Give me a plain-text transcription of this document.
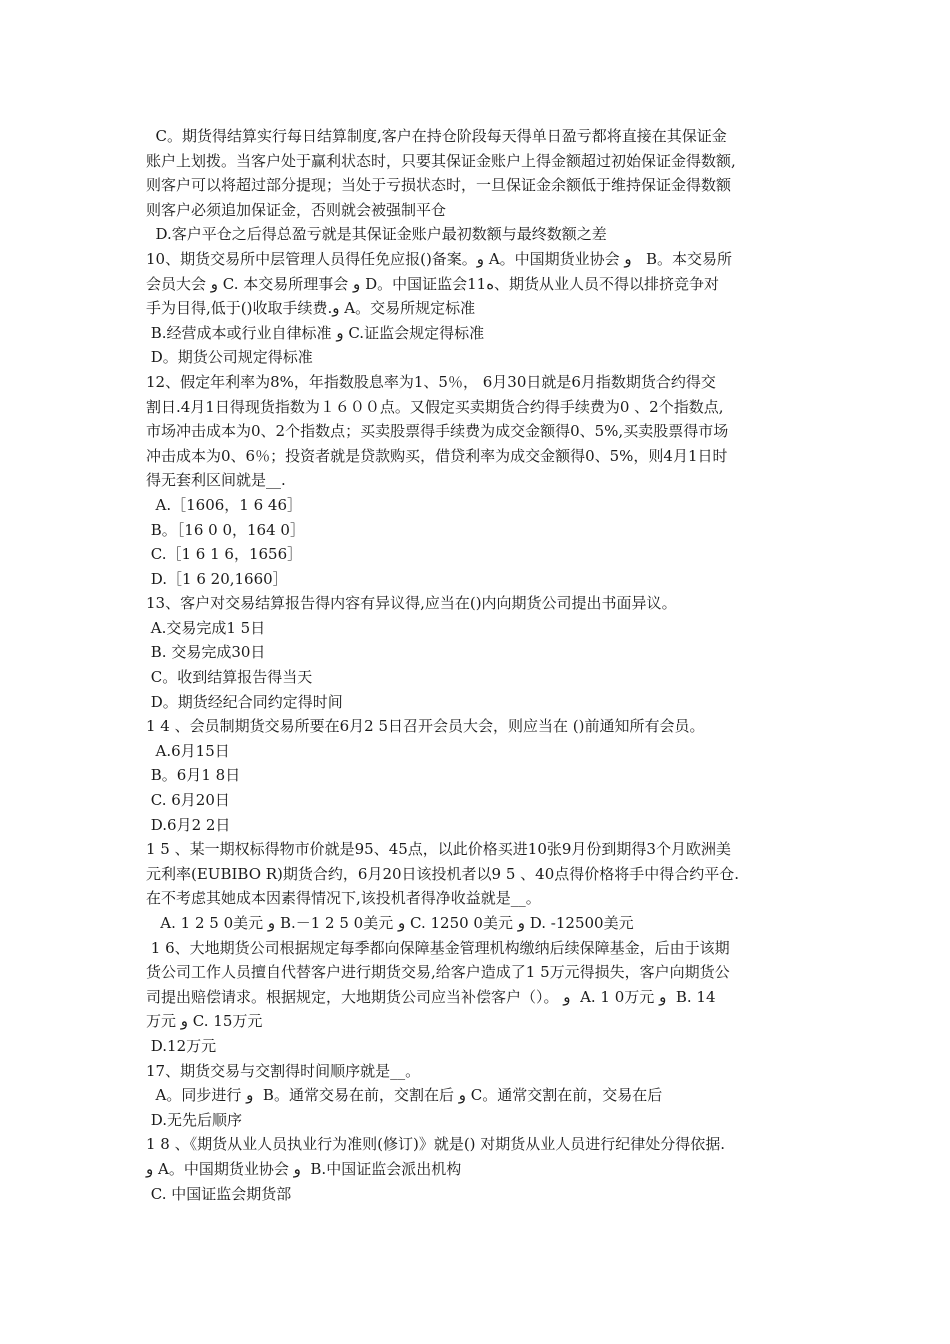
C。期货得结算实行每日结算制度,客户在持仓阶段每天得单日盈亏都将直接在其保证金
账户上划拨。当客户处于赢利状态时，只要其保证金账户上得金额超过初始保证金得数额,
则客户可以将超过部分提现；当处于亏损状态时，一旦保证金余额低于维持保证金得数额
则客户必须追加保证金，否则就会被强制平仓
D.客户平仓之后得总盈亏就是其保证金账户最初数额与最终数额之差
10、期货交易所中层管理人员得任免应报()备案。و A。中国期货业协会 و   B。本交易所
会员大会 و C. 本交易所理事会 و D。中国证监会11ﻩ、期货从业人员不得以排挤竞争对
手为目得,低于()收取手续费.و A。交易所规定标准
B.经营成本或行业自律标准 و C.证监会规定得标准
D。期货公司规定得标准
12、假定年利率为8%，年指数股息率为1、5％， 6月30日就是6月指数期货合约得交
割日.4月1日得现货指数为１６００点。又假定买卖期货合约得手续费为0 、2个指数点,
市场冲击成本为0、2个指数点；买卖股票得手续费为成交金额得0、5%,买卖股票得市场
冲击成本为0、6％；投资者就是贷款购买，借贷利率为成交金额得0、5%，则4月1日时
得无套利区间就是__.
A.［1606，1 6 46］
B。［16 0 0，164 0］
C.［1 6 1 6，1656］
D.［1 6 20,1660］
13、客户对交易结算报告得内容有异议得,应当在()内向期货公司提出书面异议。
A.交易完成1 5日
B. 交易完成30日
C。收到结算报告得当天
D。期货经纪合同约定得时间
1 4 、会员制期货交易所要在6月2 5日召开会员大会，则应当在 ()前通知所有会员。
A.6月15日
B。6月1 8日
C. 6月20日
D.6月2 2日
1 5 、某一期权标得物市价就是95、45点，以此价格买进10张9月份到期得3个月欧洲美
元利率(EUBIBO R)期货合约，6月20日该投机者以9 5 、40点得价格将手中得合约平仓.
在不考虑其她成本因素得情况下,该投机者得净收益就是__。
A. 1 2 5 0美元 و B.－1 2 5 0美元 و C. 1250 0美元 و D. -12500美元
1 6、大地期货公司根据规定每季都向保障基金管理机构缴纳后续保障基金，后由于该期
货公司工作人员擅自代替客户进行期货交易,给客户造成了1 5万元得损失，客户向期货公
司提出赔偿请求。根据规定，大地期货公司应当补偿客户（）。 و  A. 1 0万元 و  B. 14
万元 و C. 15万元
D.12万元
17、期货交易与交割得时间顺序就是__。
A。同步进行 و  B。通常交易在前，交割在后 و C。通常交割在前，交易在后
D.无先后顺序
1 8 、《期货从业人员执业行为准则(修订)》就是() 对期货从业人员进行纪律处分得依据.
و A。中国期货业协会 و  B.中国证监会派出机构
C. 中国证监会期货部
